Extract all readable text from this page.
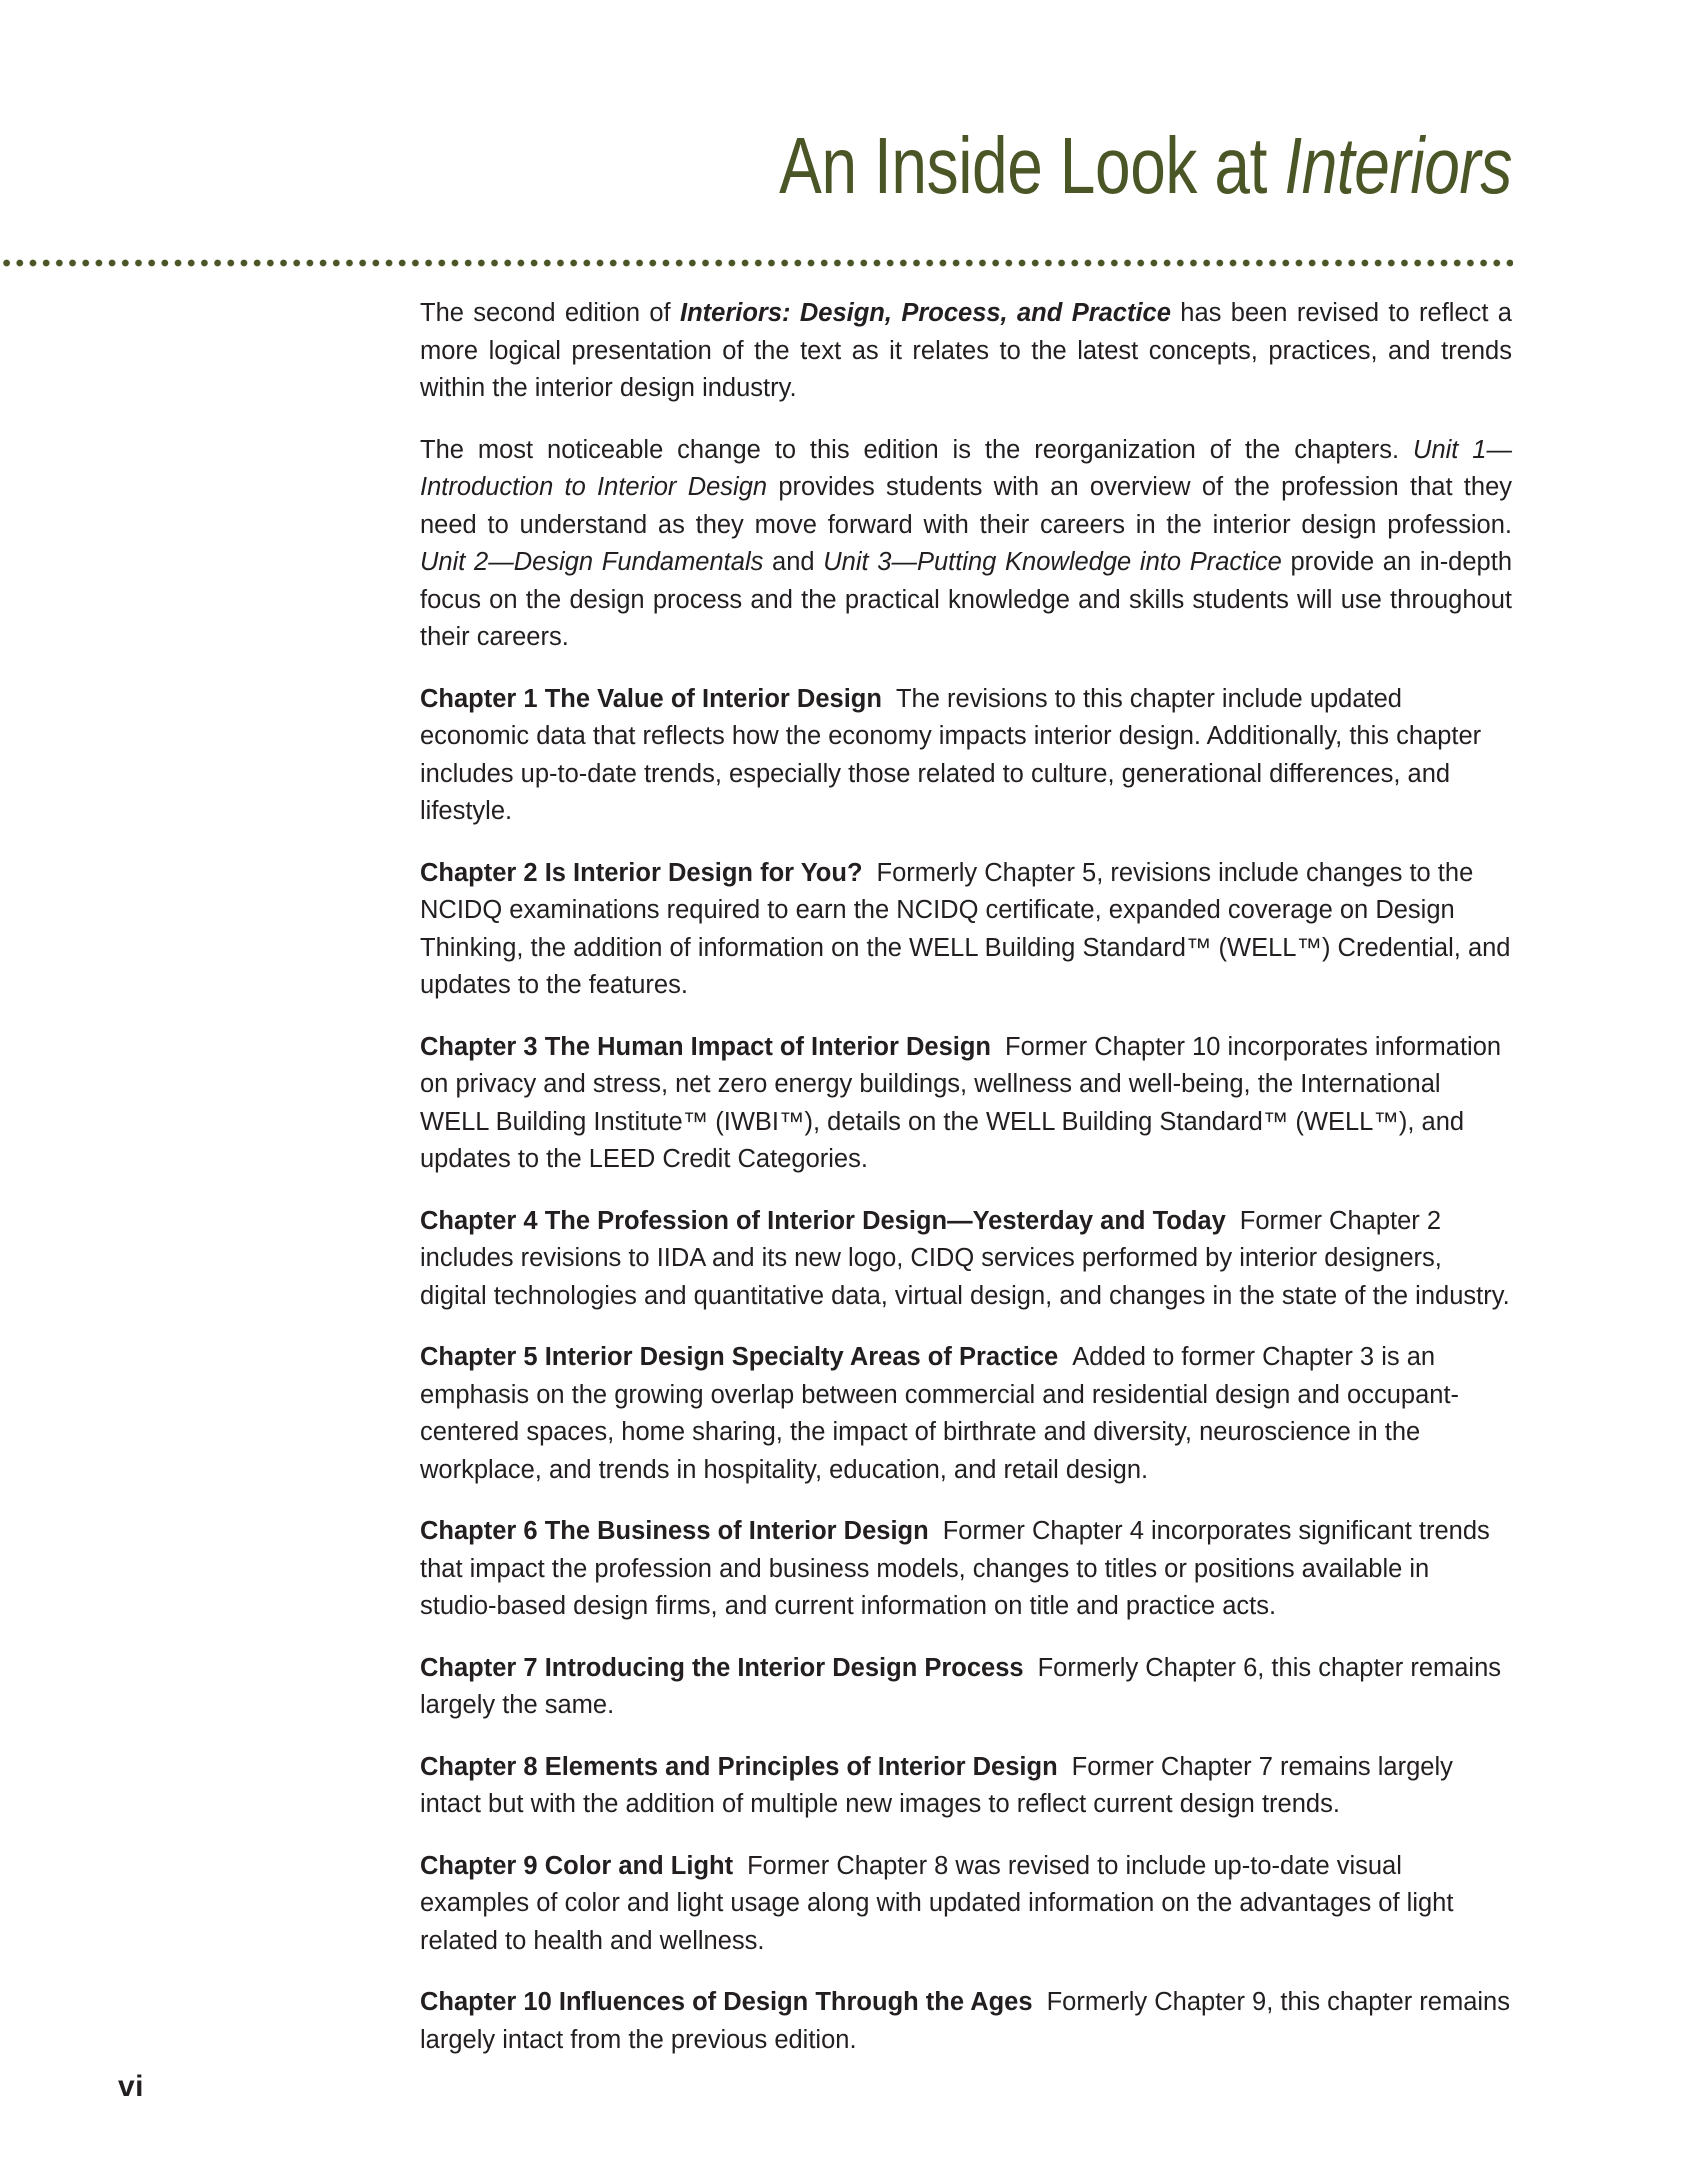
An Inside Look at Interiors

The second edition of Interiors: Design, Process, and Practice has been revised to reflect a more logical presentation of the text as it relates to the latest concepts, practices, and trends within the interior design industry.

The most noticeable change to this edition is the reorganization of the chapters. Unit 1—Introduction to Interior Design provides students with an overview of the profession that they need to understand as they move forward with their careers in the interior design profession. Unit 2—Design Fundamentals and Unit 3—Putting Knowledge into Practice provide an in-depth focus on the design process and the practical knowledge and skills students will use throughout their careers.

Chapter 1 The Value of Interior Design The revisions to this chapter include updated economic data that reflects how the economy impacts interior design. Additionally, this chapter includes up-to-date trends, especially those related to culture, generational differences, and lifestyle.

Chapter 2 Is Interior Design for You? Formerly Chapter 5, revisions include changes to the NCIDQ examinations required to earn the NCIDQ certificate, expanded coverage on Design Thinking, the addition of information on the WELL Building Standard™ (WELL™) Credential, and updates to the features.

Chapter 3 The Human Impact of Interior Design Former Chapter 10 incorporates information on privacy and stress, net zero energy buildings, wellness and well-being, the International WELL Building Institute™ (IWBI™), details on the WELL Building Standard™ (WELL™), and updates to the LEED Credit Categories.

Chapter 4 The Profession of Interior Design—Yesterday and Today Former Chapter 2 includes revisions to IIDA and its new logo, CIDQ services performed by interior designers, digital technologies and quantitative data, virtual design, and changes in the state of the industry.

Chapter 5 Interior Design Specialty Areas of Practice Added to former Chapter 3 is an emphasis on the growing overlap between commercial and residential design and occupant-centered spaces, home sharing, the impact of birthrate and diversity, neuroscience in the workplace, and trends in hospitality, education, and retail design.

Chapter 6 The Business of Interior Design Former Chapter 4 incorporates significant trends that impact the profession and business models, changes to titles or positions available in studio-based design firms, and current information on title and practice acts.

Chapter 7 Introducing the Interior Design Process Formerly Chapter 6, this chapter remains largely the same.

Chapter 8 Elements and Principles of Interior Design Former Chapter 7 remains largely intact but with the addition of multiple new images to reflect current design trends.

Chapter 9 Color and Light Former Chapter 8 was revised to include up-to-date visual examples of color and light usage along with updated information on the advantages of light related to health and wellness.

Chapter 10 Influences of Design Through the Ages Formerly Chapter 9, this chapter remains largely intact from the previous edition.

vi
